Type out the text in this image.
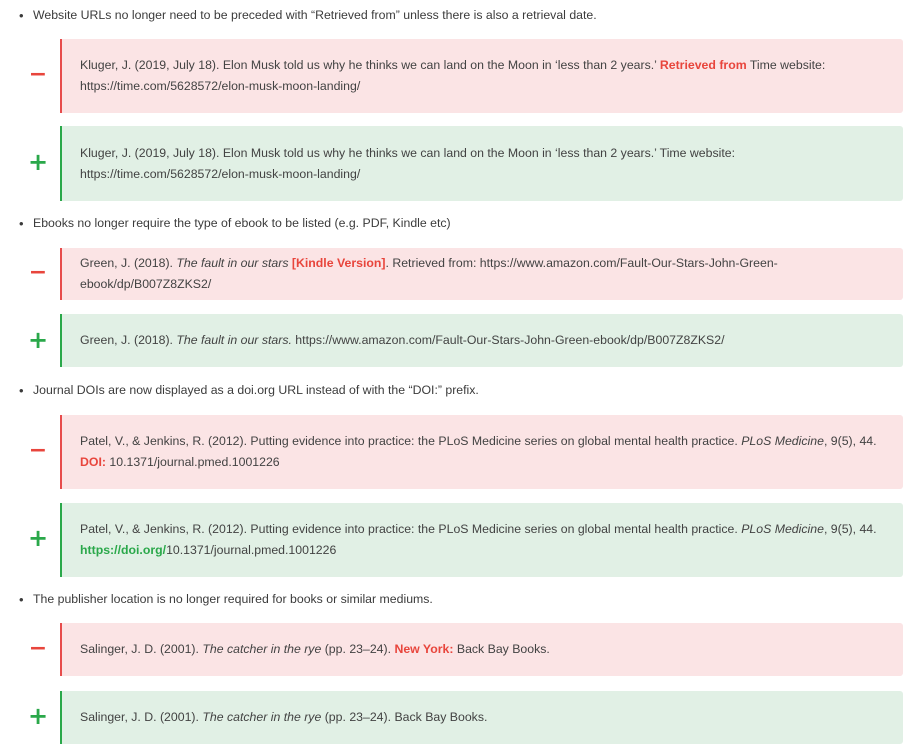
• Website URLs no longer need to be preceded with “Retrieved from” unless there is also a retrieval date.
−	Kluger, J. (2019, July 18). Elon Musk told us why he thinks we can land on the Moon in ‘less than 2 years.’ Retrieved from Time website: https://time.com/5628572/elon-musk-moon-landing/

+	Kluger, J. (2019, July 18). Elon Musk told us why he thinks we can land on the Moon in ‘less than 2 years.’ Time website: https://time.com/5628572/elon-musk-moon-landing/

• Ebooks no longer require the type of ebook to be listed (e.g. PDF, Kindle etc)
−	Green, J. (2018). The fault in our stars [Kindle Version]. Retrieved from: https://www.amazon.com/Fault-Our-Stars-John-Green-ebook/dp/B007Z8ZKS2/

+	Green, J. (2018). The fault in our stars. https://www.amazon.com/Fault-Our-Stars-John-Green-ebook/dp/B007Z8ZKS2/

• Journal DOIs are now displayed as a doi.org URL instead of with the “DOI:” prefix.
−	Patel, V., & Jenkins, R. (2012). Putting evidence into practice: the PLoS Medicine series on global mental health practice. PLoS Medicine, 9(5), 44. DOI: 10.1371/journal.pmed.1001226

+	Patel, V., & Jenkins, R. (2012). Putting evidence into practice: the PLoS Medicine series on global mental health practice. PLoS Medicine, 9(5), 44. https://doi.org/10.1371/journal.pmed.1001226

• The publisher location is no longer required for books or similar mediums.
−	Salinger, J. D. (2001). The catcher in the rye (pp. 23–24). New York: Back Bay Books.

+	Salinger, J. D. (2001). The catcher in the rye (pp. 23–24). Back Bay Books.
